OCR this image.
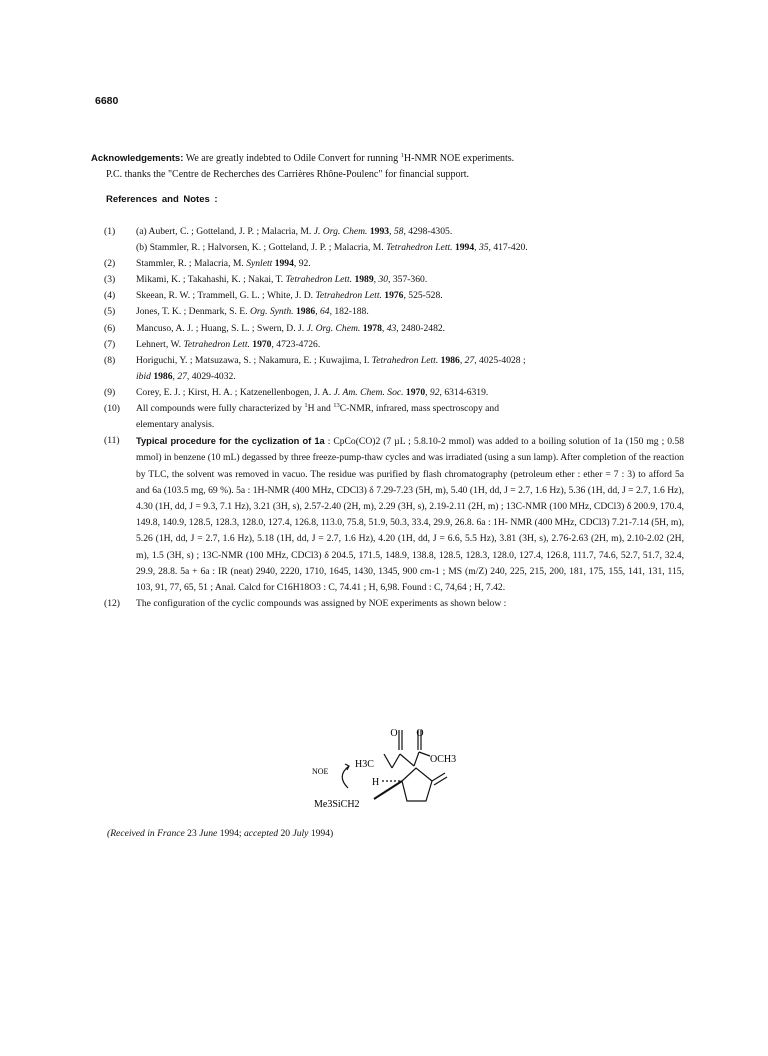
6680
Acknowledgements: We are greatly indebted to Odile Convert for running $^1$H-NMR NOE experiments.
P.C. thanks the "Centre de Recherches des Carrières Rhône-Poulenc" for financial support.
References and Notes :
(1)	(a) Aubert, C. ; Gotteland, J. P. ; Malacria, M. J. Org. Chem. 1993, 58, 4298-4305.
(b) Stammler, R. ; Halvorsen, K. ; Gotteland, J. P. ; Malacria, M. Tetrahedron Lett. 1994, 35, 417-420.
(2)	Stammler, R. ; Malacria, M. Synlett 1994, 92.
(3)	Mikami, K. ; Takahashi, K. ; Nakai, T. Tetrahedron Lett. 1989, 30, 357-360.
(4)	Skeean, R. W. ; Trammell, G. L. ; White, J. D. Tetrahedron Lett. 1976, 525-528.
(5)	Jones, T. K. ; Denmark, S. E. Org. Synth. 1986, 64, 182-188.
(6)	Mancuso, A. J. ; Huang, S. L. ; Swern, D. J. J. Org. Chem. 1978, 43, 2480-2482.
(7)	Lehnert, W. Tetrahedron Lett. 1970, 4723-4726.
(8)	Horiguchi, Y. ; Matsuzawa, S. ; Nakamura, E. ; Kuwajima, I. Tetrahedron Lett. 1986, 27, 4025-4028 ;
ibid 1986, 27, 4029-4032.
(9)	Corey, E. J. ; Kirst, H. A. ; Katzenellenbogen, J. A. J. Am. Chem. Soc. 1970, 92, 6314-6319.
(10)	All compounds were fully characterized by $^1$H and $^{13}$C-NMR, infrared, mass spectroscopy and
elementary analysis.
(11)	Typical procedure for the cyclization of 1a : CpCo(CO)2 (7 µL ; 5.8.10-2 mmol) was added to a boiling solution of 1a (150 mg ; 0.58 mmol) in benzene (10 mL) degassed by three freeze-pump-thaw cycles and was irradiated (using a sun lamp). After completion of the reaction by TLC, the solvent was removed in vacuo. The residue was purified by flash chromatography (petroleum ether : ether = 7 : 3) to afford 5a and 6a (103.5 mg, 69 %). 5a : 1H-NMR (400 MHz, CDCl3) δ 7.29-7.23 (5H, m), 5.40 (1H, dd, J = 2.7, 1.6 Hz), 5.36 (1H, dd, J = 2.7, 1.6 Hz), 4.30 (1H, dd, J = 9.3, 7.1 Hz), 3.21 (3H, s), 2.57-2.40 (2H, m), 2.29 (3H, s), 2.19-2.11 (2H, m) ; 13C-NMR (100 MHz, CDCl3) δ 200.9, 170.4, 149.8, 140.9, 128.5, 128.3, 128.0, 127.4, 126.8, 113.0, 75.8, 51.9, 50.3, 33.4, 29.9, 26.8. 6a : 1H- NMR (400 MHz, CDCl3) 7.21-7.14 (5H, m), 5.26 (1H, dd, J = 2.7, 1.6 Hz), 5.18 (1H, dd, J = 2.7, 1.6 Hz), 4.20 (1H, dd, J = 6.6, 5.5 Hz), 3.81 (3H, s), 2.76-2.63 (2H, m), 2.10-2.02 (2H, m), 1.5 (3H, s) ; 13C-NMR (100 MHz, CDCl3) δ 204.5, 171.5, 148.9, 138.8, 128.5, 128.3, 128.0, 127.4, 126.8, 111.7, 74.6, 52.7, 51.7, 32.4, 29.9, 28.8. 5a + 6a : IR (neat) 2940, 2220, 1710, 1645, 1430, 1345, 900 cm-1 ; MS (m/Z) 240, 225, 215, 200, 181, 175, 155, 141, 131, 115, 103, 91, 77, 65, 51 ; Anal. Calcd for C16H18O3 : C, 74.41 ; H, 6,98. Found : C, 74,64 ; H, 7.42.
(12)	The configuration of the cyclic compounds was assigned by NOE experiments as shown below :
O O
H3C	OCH3
NOE
H
Me3SiCH2
(Received in France 23 June 1994; accepted 20 July 1994)
